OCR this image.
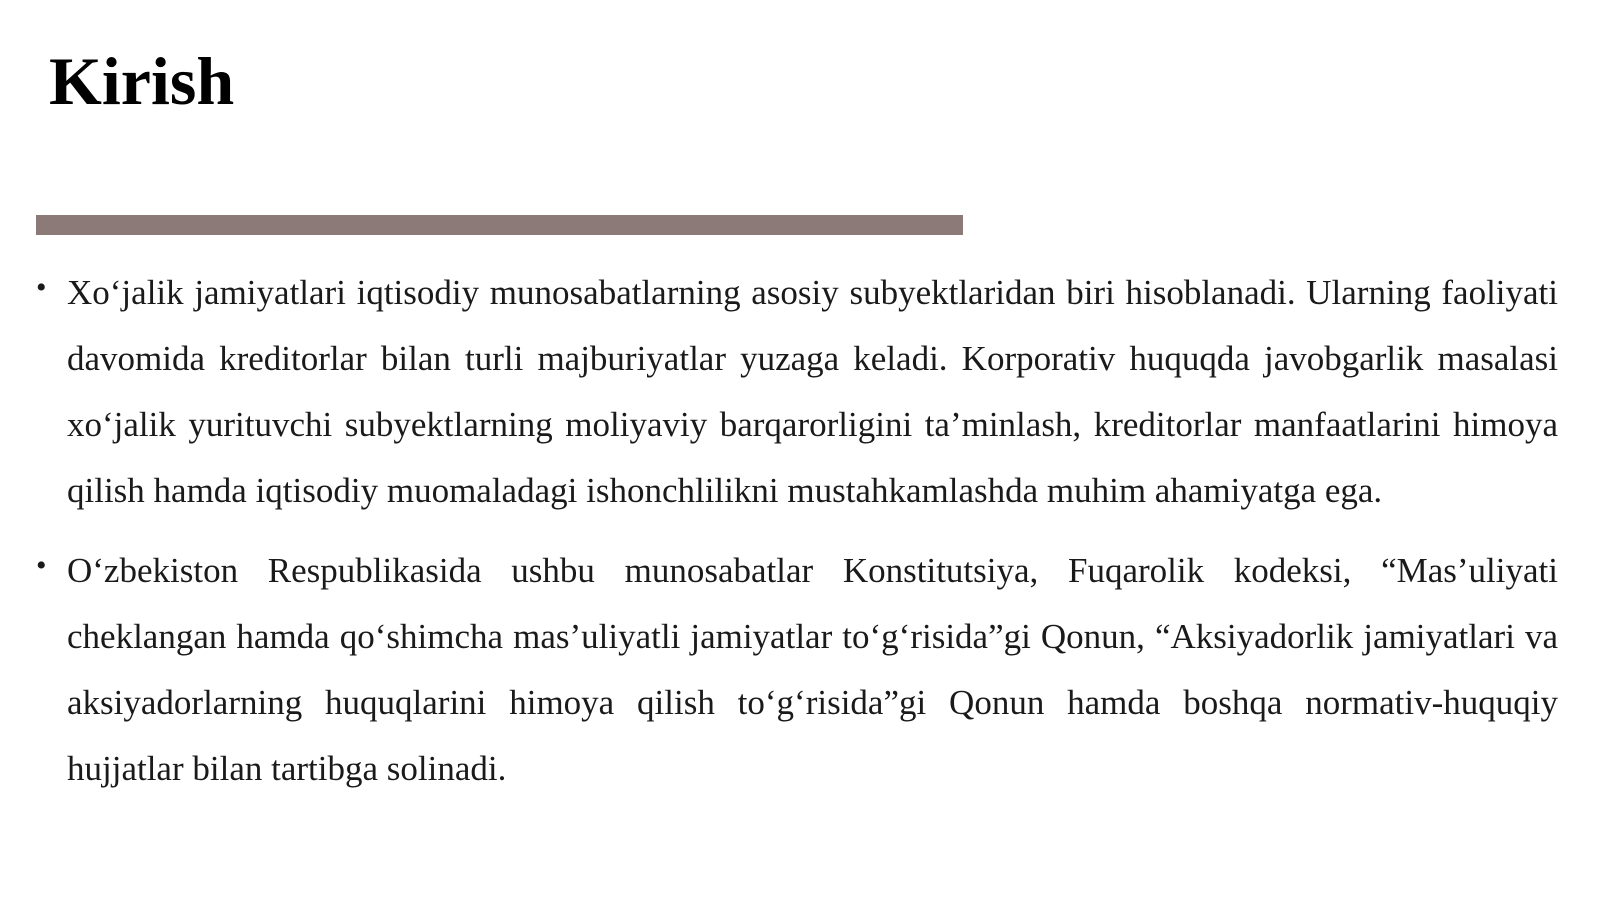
Kirish
• Xo‘jalik jamiyatlari iqtisodiy munosabatlarning asosiy subyektlaridan biri hisoblanadi. Ularning faoliyati davomida kreditorlar bilan turli majburiyatlar yuzaga keladi. Korporativ huquqda javobgarlik masalasi xo‘jalik yurituvchi subyektlarning moliyaviy barqarorligini ta’minlash, kreditorlar manfaatlarini himoya qilish hamda iqtisodiy muomaladagi ishonchlilikni mustahkamlashda muhim ahamiyatga ega.
• O‘zbekiston Respublikasida ushbu munosabatlar Konstitutsiya, Fuqarolik kodeksi, “Mas’uliyati cheklangan hamda qo‘shimcha mas’uliyatli jamiyatlar to‘g‘risida”gi Qonun, “Aksiyadorlik jamiyatlari va aksiyadorlarning huquqlarini himoya qilish to‘g‘risida”gi Qonun hamda boshqa normativ-huquqiy hujjatlar bilan tartibga solinadi.
